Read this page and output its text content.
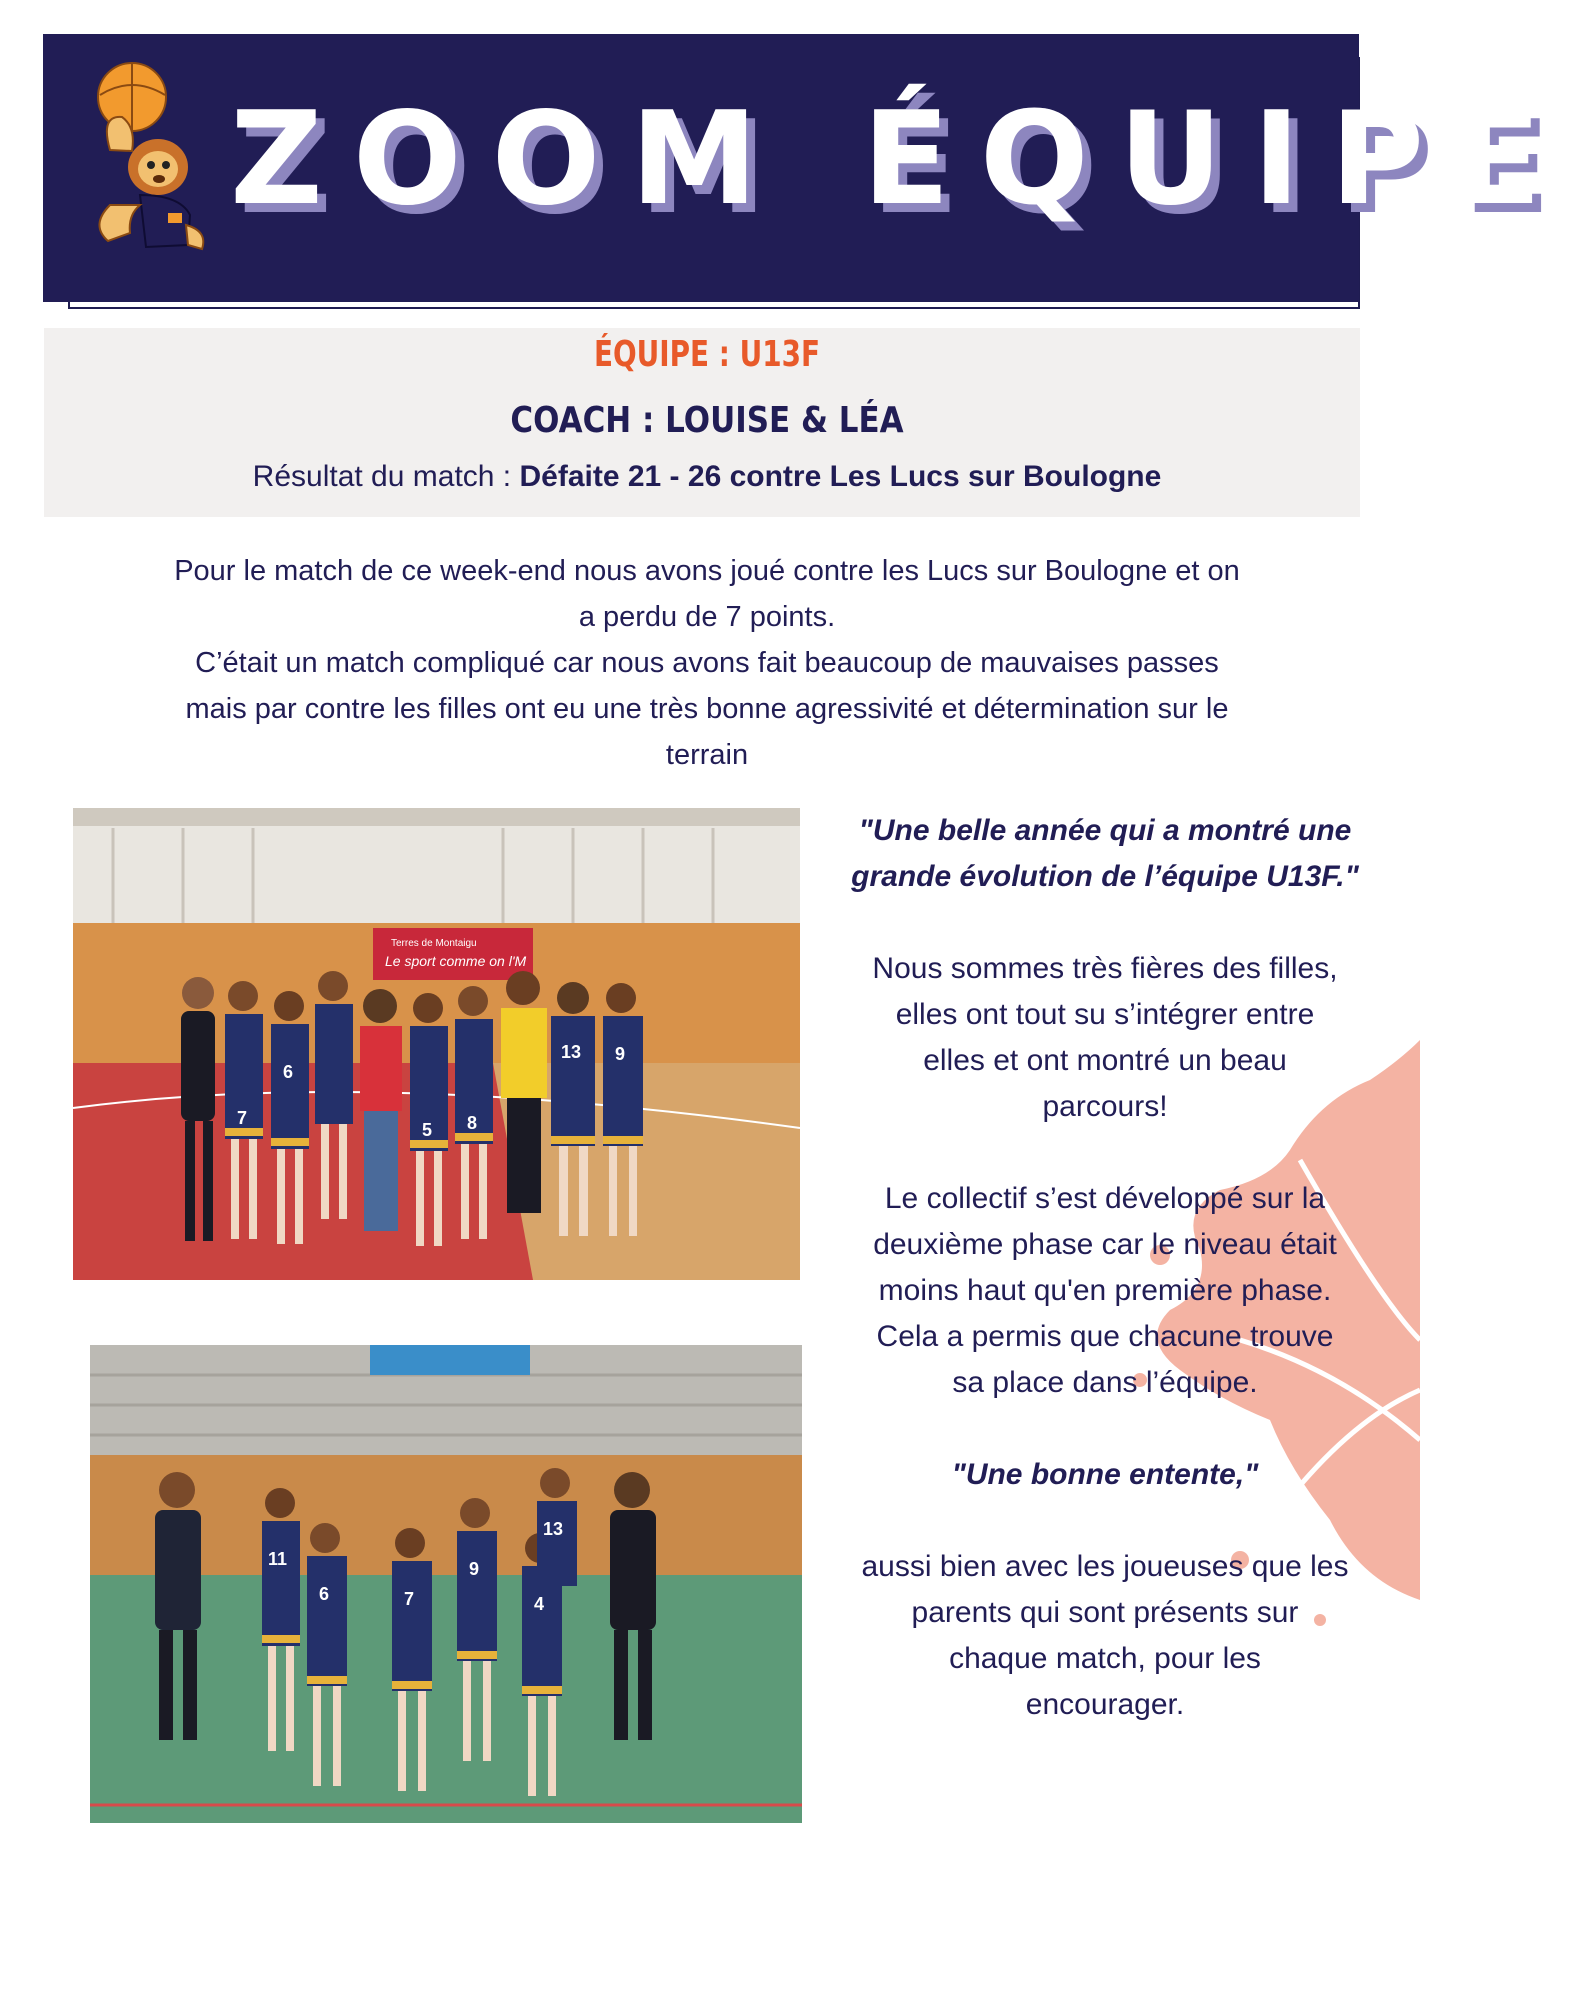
ZOOM ÉQUIPE
ÉQUIPE : U13F
COACH : LOUISE & LÉA
Résultat du match : Défaite 21 - 26 contre Les Lucs sur Boulogne
Pour le match de ce week-end nous avons joué contre les Lucs sur Boulogne et on
a perdu de 7 points.
C’était un match compliqué car nous avons fait beaucoup de mauvaises passes
mais par contre les filles ont eu une très bonne agressivité et détermination sur le
terrain
Terres de Montaigu
Le sport comme on l'M
7
6
5 8
13 9
11
6	7
9
4
13

"Une belle année qui a montré une

grande évolution de l’équipe U13F."

Nous sommes très fières des filles,

elles ont tout su s’intégrer entre

elles et ont montré un beau

parcours!

Le collectif s’est développé sur la

deuxième phase car le niveau était

moins haut qu'en première phase.

Cela a permis que chacune trouve

sa place dans l’équipe.

"Une bonne entente,"

aussi bien avec les joueuses que les

parents qui sont présents sur

chaque match, pour les

encourager.
